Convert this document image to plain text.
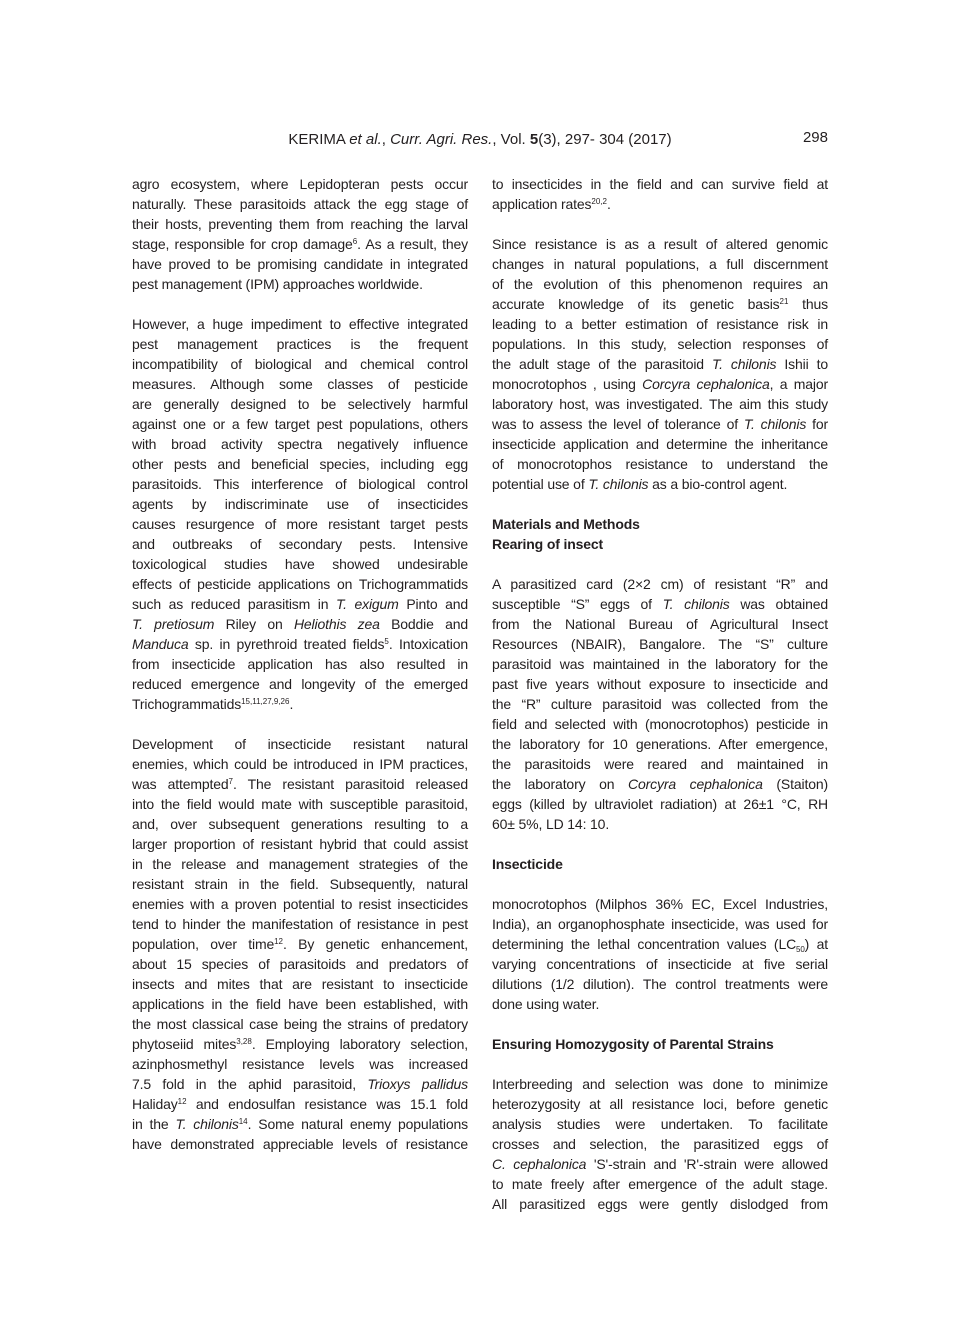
KERIMA et al., Curr. Agri. Res., Vol. 5(3), 297- 304 (2017)	298
agro ecosystem, where Lepidopteran pests occur
naturally. These parasitoids attack the egg stage of
their hosts, preventing them from reaching the larval
stage, responsible for crop damage$^6$. As a result, they
have proved to be promising candidate in integrated
pest management (IPM) approaches worldwide.
However, a huge impediment to effective integrated
pest management practices is the frequent
incompatibility of biological and chemical control
measures. Although some classes of pesticide
are generally designed to be selectively harmful
against one or a few target pest populations, others
with broad activity spectra negatively influence
other pests and beneficial species, including egg
parasitoids. This interference of biological control
agents by indiscriminate use of insecticides
causes resurgence of more resistant target pests
and outbreaks of secondary pests. Intensive
toxicological studies have showed undesirable
effects of pesticide applications on Trichogrammatids
such as reduced parasitism in T. exigum Pinto and
T. pretiosum Riley on Heliothis zea Boddie and
Manduca sp. in pyrethroid treated fields$^5$. Intoxication
from insecticide application has also resulted in
reduced emergence and longevity of the emerged
Trichogrammatids$^{15,11,27,9,26}$.
Development of insecticide resistant natural
enemies, which could be introduced in IPM practices,
was attempted$^7$. The resistant parasitoid released
into the field would mate with susceptible parasitoid,
and, over subsequent generations resulting to a
larger proportion of resistant hybrid that could assist
in the release and management strategies of the
resistant strain in the field. Subsequently, natural
enemies with a proven potential to resist insecticides
tend to hinder the manifestation of resistance in pest
population, over time$^{12}$. By genetic enhancement,
about 15 species of parasitoids and predators of
insects and mites that are resistant to insecticide
applications in the field have been established, with
the most classical case being the strains of predatory
phytoseiid mites$^{3,28}$. Employing laboratory selection,
azinphosmethyl resistance levels was increased
7.5 fold in the aphid parasitoid, Trioxys pallidus
Haliday$^{12}$ and endosulfan resistance was 15.1 fold
in the T. chilonis$^{14}$. Some natural enemy populations
have demonstrated appreciable levels of resistance
to insecticides in the field and can survive field at
application rates$^{20,2}$.
Since resistance is as a result of altered genomic
changes in natural populations, a full discernment
of the evolution of this phenomenon requires an
accurate knowledge of its genetic basis$^{21}$ thus
leading to a better estimation of resistance risk in
populations. In this study, selection responses of
the adult stage of the parasitoid T. chilonis Ishii to
monocrotophos , using Corcyra cephalonica, a major
laboratory host, was investigated. The aim this study
was to assess the level of tolerance of T. chilonis for
insecticide application and determine the inheritance
of monocrotophos resistance to understand the
potential use of T. chilonis as a bio-control agent.
Materials and Methods
Rearing of insect
A parasitized card (2×2 cm) of resistant “R” and
susceptible “S” eggs of T. chilonis was obtained
from the National Bureau of Agricultural Insect
Resources (NBAIR), Bangalore. The “S” culture
parasitoid was maintained in the laboratory for the
past five years without exposure to insecticide and
the “R” culture parasitoid was collected from the
field and selected with (monocrotophos) pesticide in
the laboratory for 10 generations. After emergence,
the parasitoids were reared and maintained in
the laboratory on Corcyra cephalonica (Staiton)
eggs (killed by ultraviolet radiation) at 26±1 °C, RH
60± 5%, LD 14: 10.
Insecticide
monocrotophos (Milphos 36% EC, Excel Industries,
India), an organophosphate insecticide, was used for
determining the lethal concentration values $(LC_{50})$ at
varying concentrations of insecticide at five serial
dilutions (1/2 dilution). The control treatments were
done using water.
Ensuring Homozygosity of Parental Strains
Interbreeding and selection was done to minimize
heterozygosity at all resistance loci, before genetic
analysis studies were undertaken. To facilitate
crosses and selection, the parasitized eggs of
C. cephalonica 'S'-strain and 'R'-strain were allowed
to mate freely after emergence of the adult stage.
All parasitized eggs were gently dislodged from
